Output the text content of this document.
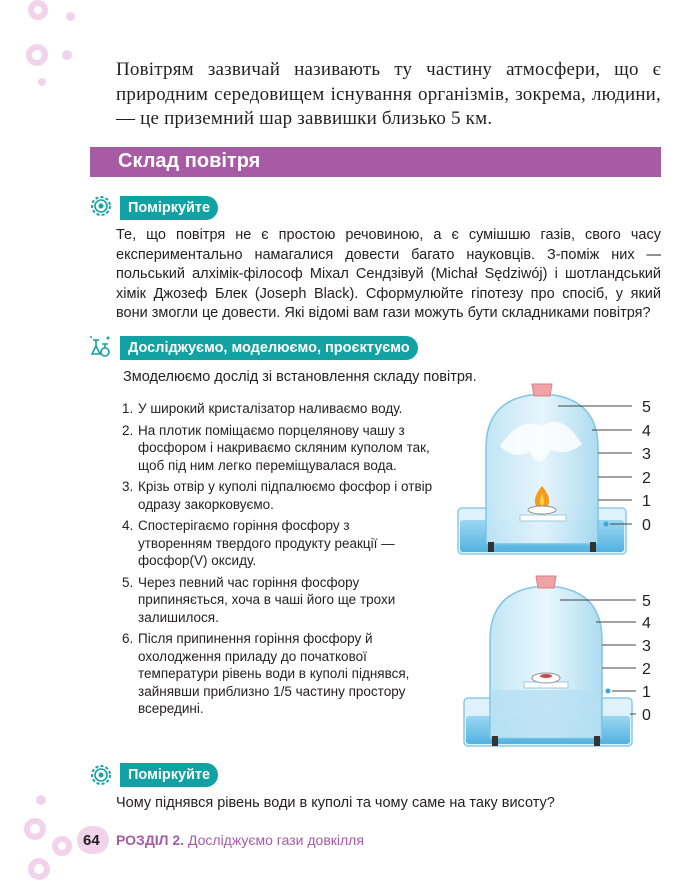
Повітрям зазвичай називають ту частину атмосфери, що є природним середовищем існування організмів, зокрема, людини, — це приземний шар заввишки близько 5 км.

Склад повітря
Поміркуйте

Те, що повітря не є простою речовиною, а є сумішшю газів, свого часу експериментально намагалися довести багато науковців. З-поміж них — польський алхімік-філософ Міхал Сендзівуй (Michał Sędziwój) і шотландський хімік Джозеф Блек (Joseph Black). Сформулюйте гіпотезу про спосіб, у який вони змогли це довести. Які відомі вам гази можуть бути складниками повітря?

Досліджуємо, моделюємо, проєктуємо

Змоделюємо дослід зі встановлення складу повітря.

1. У широкий кристалізатор наливаємо воду.
2. На плотик поміщаємо порцелянову чашу з фосфором і накриваємо скляним куполом так, щоб під ним легко переміщувалася вода.
3. Крізь отвір у куполі підпалюємо фосфор і отвір одразу закорковуємо.
4. Спостерігаємо горіння фосфору з утворенням твердого продукту реакції — фосфор(V) оксиду.
5. Через певний час горіння фосфору припиняється, хоча в чаші його ще трохи залишилося.
6. Після припинення горіння фосфору й охолодження приладу до початкової температури рівень води в куполі піднявся, зайнявши приблизно 1/5 частину простору всередині.
5
4
3
2
1
0
5
4
3
2
1
0
Поміркуйте

Чому піднявся рівень води в куполі та чому саме на таку висоту?

64 РОЗДІЛ 2. Досліджуємо гази довкілля
